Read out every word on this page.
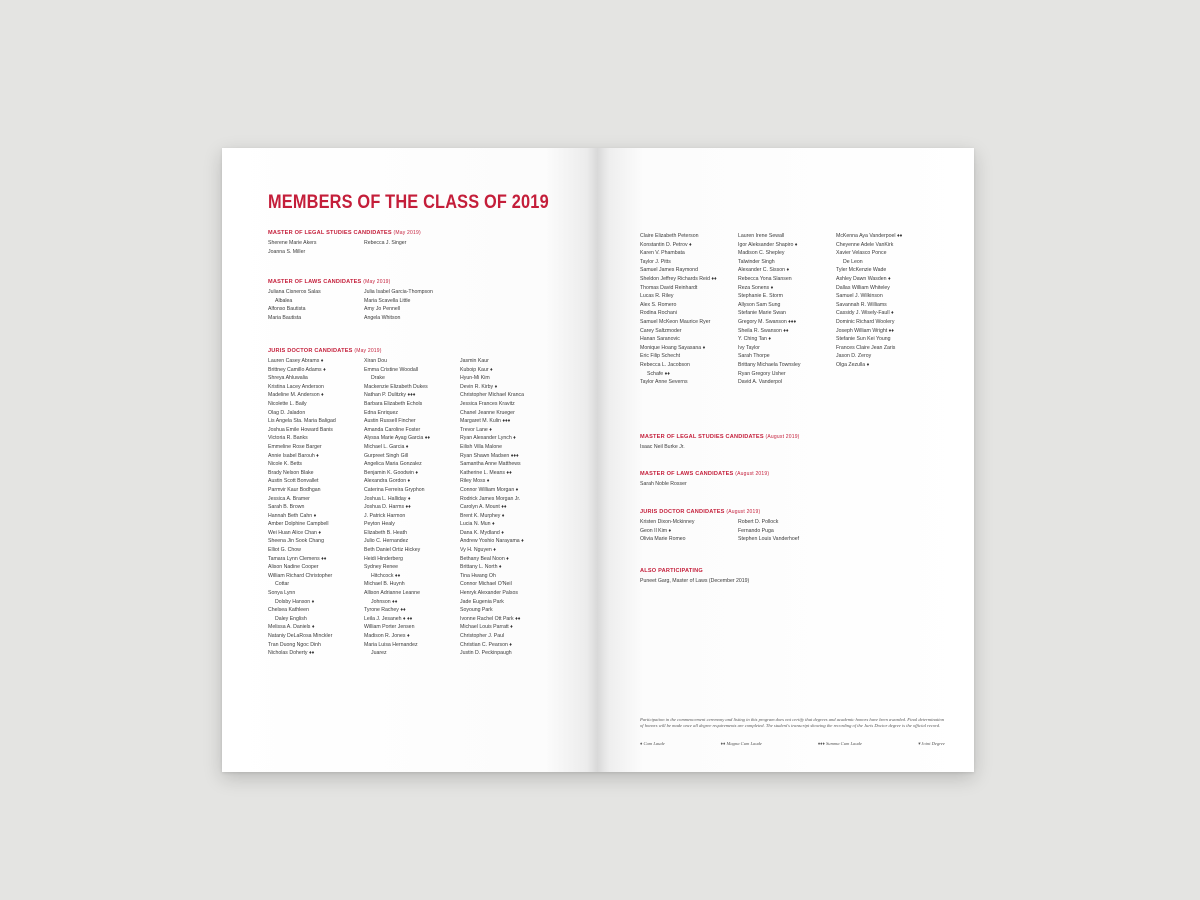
MEMBERS OF THE CLASS OF 2019
MASTER OF LEGAL STUDIES CANDIDATES (May 2019)
Sherene Marie Akers
Joanna S. Miller
Rebecca J. Singer
MASTER OF LAWS CANDIDATES (May 2019)
Juliana Cisneros Salas
Albalea
Alfonso Bautista
Maria Bautista
Julia Isabel Garcia-Thompson
Maria Scavella Little
Amy Jo Pennell
Angela Whitson
JURIS DOCTOR CANDIDATES (May 2019)
Lauren Casey Abrams ♦
Brittney Camillo Adams ♦
Shreya Ahluwalia
Kristina Lacey Anderson
Madeline M. Anderson ♦
Nicolette L. Baily
Olag D. Jaladon
Lis Angela Sta. Maria Baligad
Joshua Emile Howard Banis
Victoria R. Banks
Emmeline Rose Barger
Annie Isabel Barouh ♦
Nicole K. Betts
Brady Nelson Blake
Austin Scott Bonvallet
Parmvir Kaur Bodhgan
Jessica A. Bramer
Sarah B. Brown
Hannah Beth Cahn ♦
Amber Dolphine Campbell
Wei Huan Alice Chan ♦
Sheena Jin Sook Chang
Elliot G. Chow
Tamara Lynn Clemens ♦♦
Alison Nadine Cooper
William Richard Christopher
Cottar
Sonya Lynn
Dolsby Hanson ♦
Chelsea Kathleen
Daley English
Melissa A. Daniels ♦
Nataniy DeLaRosa Minckler
Tran Duong Ngoc Dinh
Nicholas Doherty ♦♦
Xiran Dou
Emma Cristine Woodall
Drake
Mackenzie Elizabeth Dukes
Nathan P. Dulitzky ♦♦♦
Barbara Elizabeth Echols
Edna Enriquez
Austin Russell Fincher
Amanda Caroline Foster
Alyssa Marie Ayag Garcia ♦♦
Michael L. Garcia ♦
Gurpreet Singh Gill
Angelica Maria Gonzalez
Benjamin K. Goodwin ♦
Alexandra Gordon ♦
Caterina Ferreira Gryphon
Joshua L. Halliday ♦
Joshua D. Harms ♦♦
J. Patrick Harmon
Peyton Healy
Elizabeth B. Heath
Julio C. Hernandez
Beth Daniel Ortiz Hickey
Heidi Hinderberg
Sydney Renee
Hitchcock ♦♦
Michael B. Huynh
Allison Adrianne Leanne
Johnson ♦♦
Tyrone Rachey ♦♦
Leila J. Jesaneh ♦ ♦♦
William Porter Jensen
Madison R. Jones ♦
Maria Luisa Hernandez
Juarez
Jasmin Kaur
Kuboip Kaur ♦
Hyun-Mi Kim
Devin R. Kirby ♦
Christopher Michael Kranca
Jessica Frances Kravitz
Chanel Jeanne Krueger
Margaret M. Kulin ♦♦♦
Trevor Lane ♦
Ryan Alexander Lynch ♦
Eilish Villa Malone
Ryan Shawn Madsen ♦♦♦
Samantha Anne Matthews
Katherine L. Means ♦♦
Riley Moss ♦
Connor William Morgan ♦
Rodrick James Morgan Jr.
Carolyn A. Mount ♦♦
Brent K. Murphey ♦
Lucia N. Mun ♦
Dana K. Mydland ♦
Andrew Yoshio Narayama ♦
Vy H. Nguyen ♦
Bethany Beal Noon ♦
Brittany L. North ♦
Tina Hwang Oh
Connor Michael O'Neil
Henryk Alexander Palsos
Jade Eugenia Park
Soyoung Park
Ivonne Rachel Ott Park ♦♦
Michael Louis Parratt ♦
Christopher J. Paul
Christian C. Pearson ♦
Justin D. Peckinpaugh
Claire Elizabeth Peterson
Konstantin D. Petrov ♦
Karen V. Phambata
Taylor J. Pitts
Samuel James Raymond
Sheldon Jeffrey Richards Reid ♦♦
Thomas David Reinhardt
Lucas R. Riley
Alex S. Romero
Rodina Rochani
Samuel McKeon Maurice Ryer
Carey Saltzmoder
Hanan Saranovic
Monique Hoang Sayasana ♦
Eric Filip Schecht
Rebecca L. Jacobson
Schafe ♦♦
Taylor Anne Severns
Lauren Irene Sewall
Igor Aleksander Shapiro ♦
Madison C. Shepley
Talwinder Singh
Alexander C. Sisson ♦
Rebecca Yona Slansen
Reza Sonens ♦
Stephanie E. Storm
Allyson Sam Sung
Stefanie Marie Swan
Gregory M. Swanson ♦♦♦
Sheila R. Swanson ♦♦
Y. Ching Tan ♦
Ivy Taylor
Sarah Thorpe
Brittany Michaela Townsley
Ryan Gregory Usher
David A. Vanderpol
McKenna Aya Vanderpoel ♦♦
Cheyenne Adele VanKirk
Xavier Velasco Ponce
De Leon
Tyler McKenzie Wade
Ashley Dawn Wasden ♦
Dallas William Whiteley
Samuel J. Wilkinson
Savannah R. Williams
Cassidy J. Wisely-Faull ♦
Dominic Richard Woolery
Joseph William Wright ♦♦
Stefanie Sun Kei Young
Frances Claire Jean Zaris
Jason D. Zeroy
Olga Zezulla ♦
MASTER OF LEGAL STUDIES CANDIDATES (August 2019)
Isaac Neil Burke Jr.
MASTER OF LAWS CANDIDATES (August 2019)
Sarah Noble Rosser
JURIS DOCTOR CANDIDATES (August 2019)
Kristen Dixon-Mckinney
Geon Il Kim ♦
Olivia Marie Romeo
Robert D. Pollock
Fernando Puga
Stephen Louis Vanderhoef
ALSO PARTICIPATING
Puneet Garg, Master of Laws (December 2019)
Participation in the commencement ceremony and listing in this program does not certify that degrees and academic honors have been awarded. Final determination of honors will be made once all degree requirements are completed. The student's transcript showing the recording of the Juris Doctor degree is the official record.
♦ Cum Laude	♦♦ Magna Cum Laude	♦♦♦ Summa Cum Laude	▾ Joint Degree
